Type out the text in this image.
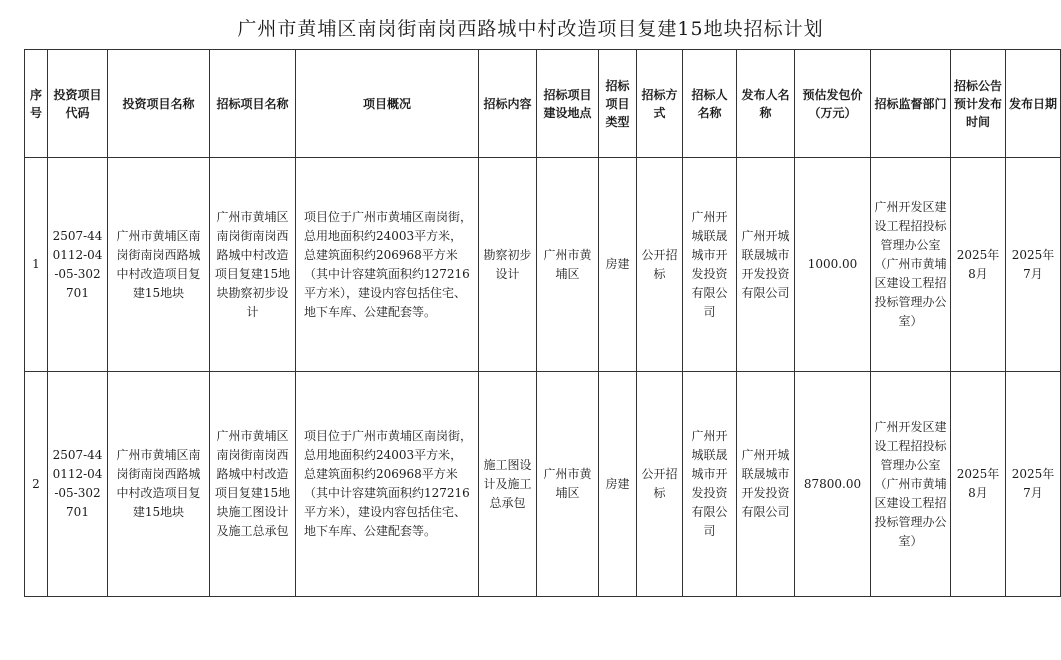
广州市黄埔区南岗街南岗西路城中村改造项目复建15地块招标计划
序号	投资项目代码	投资项目名称	招标项目名称	项目概况	招标内容	招标项目建设地点	招标项目类型	招标方式	招标人名称	发布人名称	预估发包价（万元）	招标监督部门	招标公告预计发布时间	发布日期
1	2507-440112-04-05-302701	广州市黄埔区南岗街南岗西路城中村改造项目复建15地块	广州市黄埔区南岗街南岗西路城中村改造项目复建15地块勘察初步设计	项目位于广州市黄埔区南岗街，总用地面积约24003平方米，总建筑面积约206968平方米（其中计容建筑面积约127216平方米），建设内容包括住宅、地下车库、公建配套等。	勘察初步设计	广州市黄埔区	房建	公开招标	广州开城联晟城市开发投资有限公司	广州开城联晟城市开发投资有限公司	1000.00	广州开发区建设工程招投标管理办公室（广州市黄埔区建设工程招投标管理办公室）	2025年8月	2025年7月
2	2507-440112-04-05-302701	广州市黄埔区南岗街南岗西路城中村改造项目复建15地块	广州市黄埔区南岗街南岗西路城中村改造项目复建15地块施工图设计及施工总承包	项目位于广州市黄埔区南岗街，总用地面积约24003平方米，总建筑面积约206968平方米（其中计容建筑面积约127216平方米），建设内容包括住宅、地下车库、公建配套等。	施工图设计及施工总承包	广州市黄埔区	房建	公开招标	广州开城联晟城市开发投资有限公司	广州开城联晟城市开发投资有限公司	87800.00	广州开发区建设工程招投标管理办公室（广州市黄埔区建设工程招投标管理办公室）	2025年8月	2025年7月
